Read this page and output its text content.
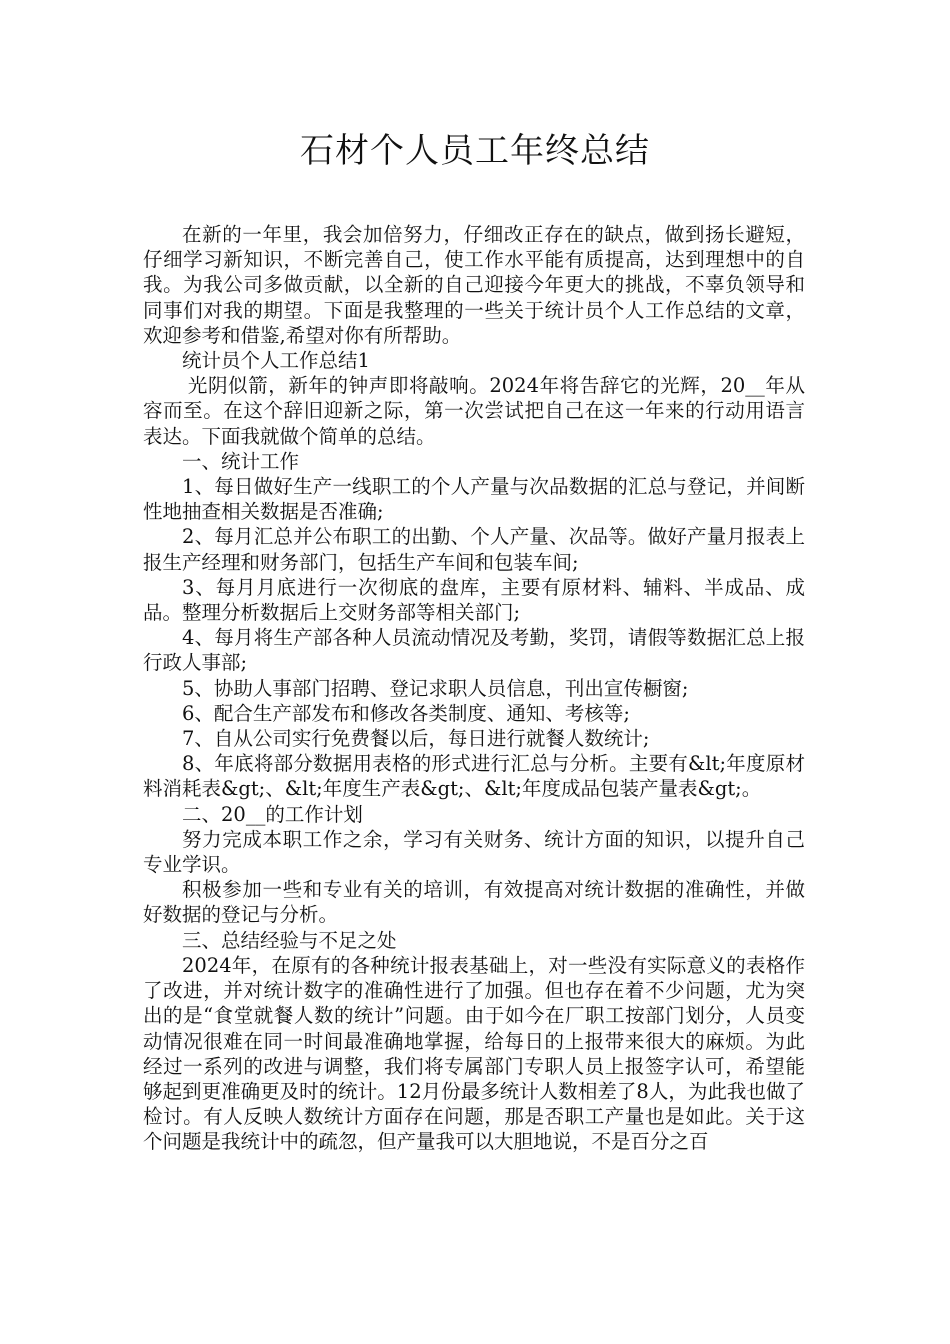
石材个人员工年终总结

在新的一年里，我会加倍努力，仔细改正存在的缺点，做到扬长避短，仔细学习新知识，不断完善自己，使工作水平能有质提高，达到理想中的自我。为我公司多做贡献，以全新的自己迎接今年更大的挑战，不辜负领导和同事们对我的期望。下面是我整理的一些关于统计员个人工作总结的文章，欢迎参考和借鉴,希望对你有所帮助。

统计员个人工作总结1

光阴似箭，新年的钟声即将敲响。2024年将告辞它的光辉，20__年从容而至。在这个辞旧迎新之际，第一次尝试把自己在这一年来的行动用语言表达。下面我就做个简单的总结。

一、统计工作

1、每日做好生产一线职工的个人产量与次品数据的汇总与登记，并间断性地抽查相关数据是否准确;

2、每月汇总并公布职工的出勤、个人产量、次品等。做好产量月报表上报生产经理和财务部门，包括生产车间和包装车间;

3、每月月底进行一次彻底的盘库，主要有原材料、辅料、半成品、成品。整理分析数据后上交财务部等相关部门;

4、每月将生产部各种人员流动情况及考勤，奖罚，请假等数据汇总上报行政人事部;

5、协助人事部门招聘、登记求职人员信息，刊出宣传橱窗;

6、配合生产部发布和修改各类制度、通知、考核等;

7、自从公司实行免费餐以后，每日进行就餐人数统计;

8、年底将部分数据用表格的形式进行汇总与分析。主要有&lt;年度原材料消耗表&gt;、&lt;年度生产表&gt;、&lt;年度成品包装产量表&gt;。

二、20__的工作计划

努力完成本职工作之余，学习有关财务、统计方面的知识，以提升自己专业学识。

积极参加一些和专业有关的培训，有效提高对统计数据的准确性，并做好数据的登记与分析。

三、总结经验与不足之处

2024年，在原有的各种统计报表基础上，对一些没有实际意义的表格作了改进，并对统计数字的准确性进行了加强。但也存在着不少问题，尤为突出的是“食堂就餐人数的统计”问题。由于如今在厂职工按部门划分，人员变动情况很难在同一时间最准确地掌握，给每日的上报带来很大的麻烦。为此经过一系列的改进与调整，我们将专属部门专职人员上报签字认可，希望能够起到更准确更及时的统计。12月份最多统计人数相差了8人，为此我也做了检讨。有人反映人数统计方面存在问题，那是否职工产量也是如此。关于这个问题是我统计中的疏忽，但产量我可以大胆地说，不是百分之百
